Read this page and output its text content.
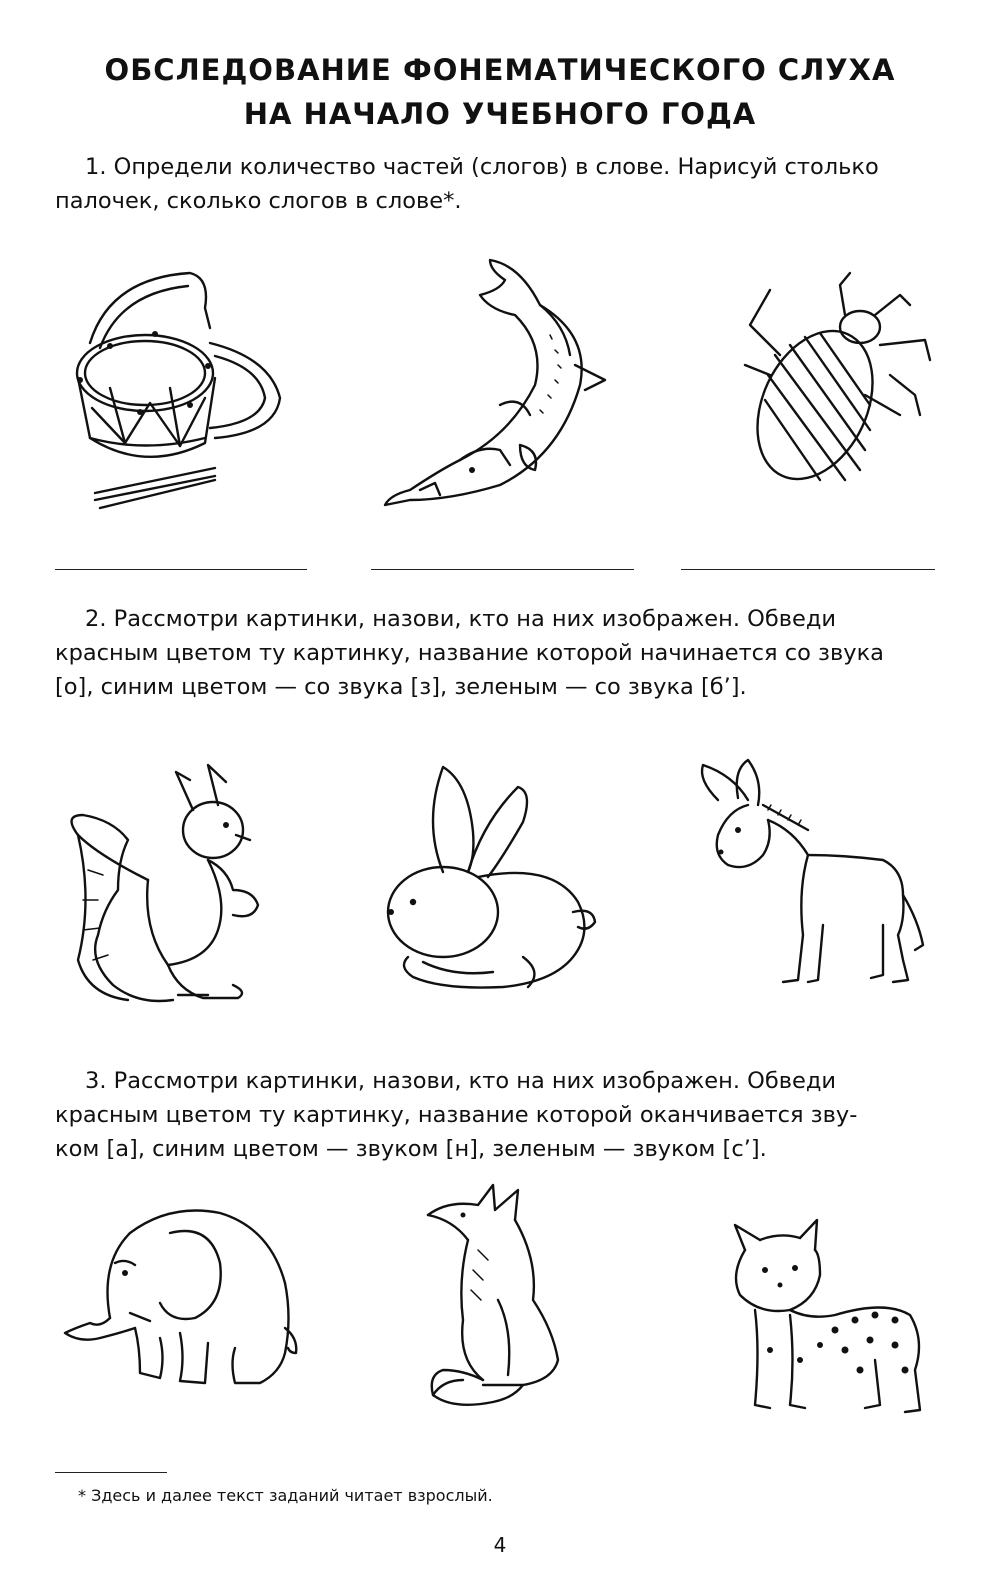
ОБСЛЕДОВАНИЕ ФОНЕМАТИЧЕСКОГО СЛУХА
НА НАЧАЛО УЧЕБНОГО ГОДА

1. Определи количество частей (слогов) в слове. Нарисуй столько

палочек, сколько слогов в слове*.

2. Рассмотри картинки, назови, кто на них изображен. Обведи

красным цветом ту картинку, название которой начинается со звука

[о], синим цветом — со звука [з], зеленым — со звука [б’].

3. Рассмотри картинки, назови, кто на них изображен. Обведи

красным цветом ту картинку, название которой оканчивается зву-

ком [а], синим цветом — звуком [н], зеленым — звуком [с’].

* Здесь и далее текст заданий читает взрослый.
4
